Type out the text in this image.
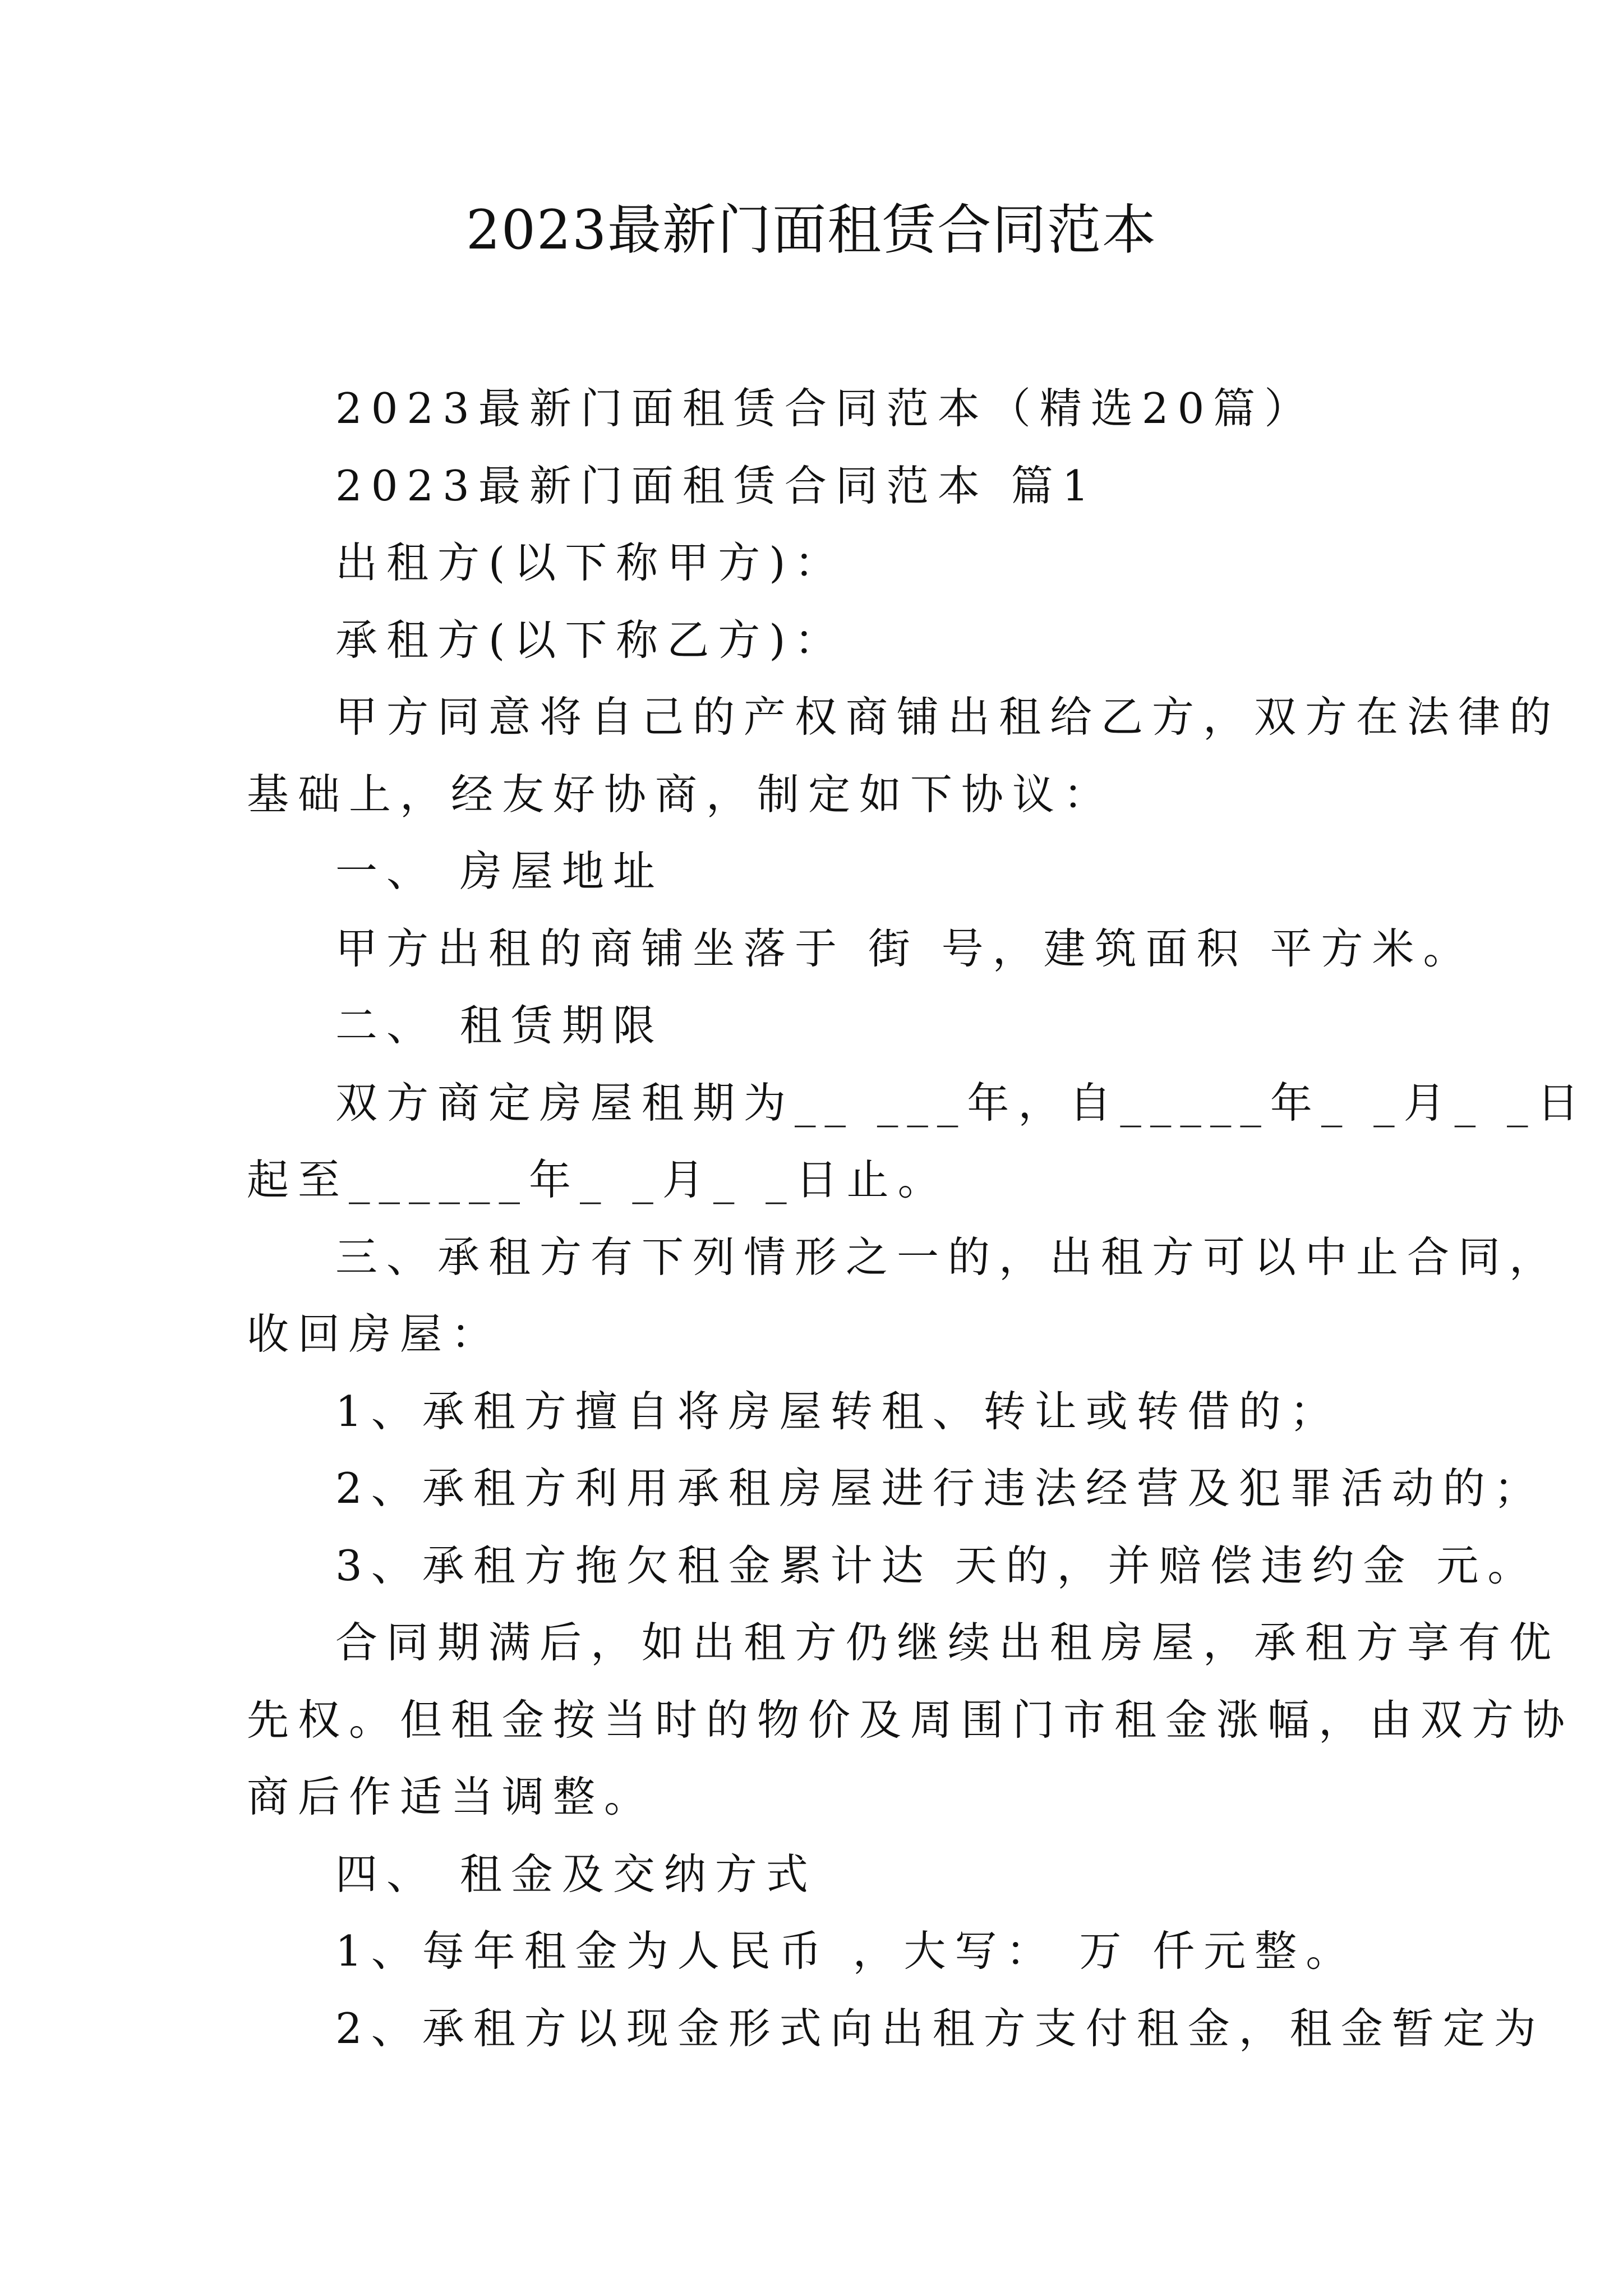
2023最新门面租赁合同范本
2023最新门面租赁合同范本（精选20篇）
2023最新门面租赁合同范本 篇1
出租方(以下称甲方)：
承租方(以下称乙方)：
甲方同意将自己的产权商铺出租给乙方，双方在法律的
基础上，经友好协商，制定如下协议：
一、 房屋地址
甲方出租的商铺坐落于 街 号，建筑面积 平方米。
二、 租赁期限
双方商定房屋租期为__ ___年，自_____年_ _月_ _日
起至______年_ _月_ _日止。
三、承租方有下列情形之一的，出租方可以中止合同，
收回房屋：
1、承租方擅自将房屋转租、转让或转借的；
2、承租方利用承租房屋进行违法经营及犯罪活动的；
3、承租方拖欠租金累计达 天的，并赔偿违约金 元。
合同期满后，如出租方仍继续出租房屋，承租方享有优
先权。但租金按当时的物价及周围门市租金涨幅，由双方协
商后作适当调整。
四、 租金及交纳方式
1、每年租金为人民币 ，大写： 万 仟元整。
2、承租方以现金形式向出租方支付租金，租金暂定为
